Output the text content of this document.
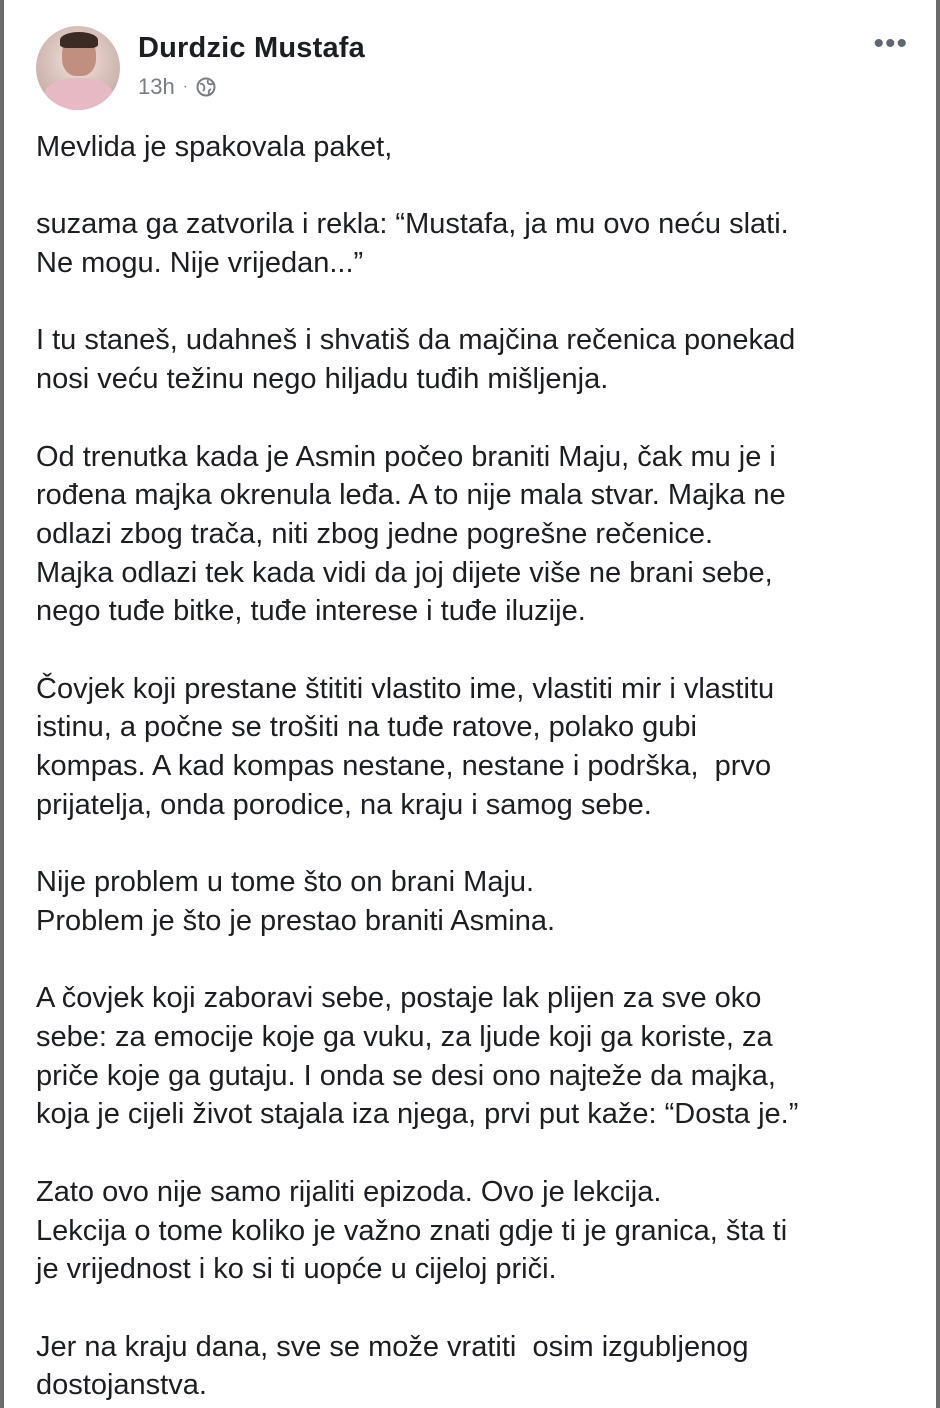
Durdzic Mustafa
13h ·
•••

Mevlida je spakovala paket,

suzama ga zatvorila i rekla: “Mustafa, ja mu ovo neću slati.
Ne mogu. Nije vrijedan...”

I tu staneš, udahneš i shvatiš da majčina rečenica ponekad
nosi veću težinu nego hiljadu tuđih mišljenja.

Od trenutka kada je Asmin počeo braniti Maju, čak mu je i
rođena majka okrenula leđa. A to nije mala stvar. Majka ne
odlazi zbog trača, niti zbog jedne pogrešne rečenice.
Majka odlazi tek kada vidi da joj dijete više ne brani sebe,
nego tuđe bitke, tuđe interese i tuđe iluzije.

Čovjek koji prestane štititi vlastito ime, vlastiti mir i vlastitu
istinu, a počne se trošiti na tuđe ratove, polako gubi
kompas. A kad kompas nestane, nestane i podrška,  prvo
prijatelja, onda porodice, na kraju i samog sebe.

Nije problem u tome što on brani Maju.
Problem je što je prestao braniti Asmina.

A čovjek koji zaboravi sebe, postaje lak plijen za sve oko
sebe: za emocije koje ga vuku, za ljude koji ga koriste, za
priče koje ga gutaju. I onda se desi ono najteže da majka,
koja je cijeli život stajala iza njega, prvi put kaže: “Dosta je.”

Zato ovo nije samo rijaliti epizoda. Ovo je lekcija.
Lekcija o tome koliko je važno znati gdje ti je granica, šta ti
je vrijednost i ko si ti uopće u cijeloj priči.

Jer na kraju dana, sve se može vratiti  osim izgubljenog
dostojanstva.
